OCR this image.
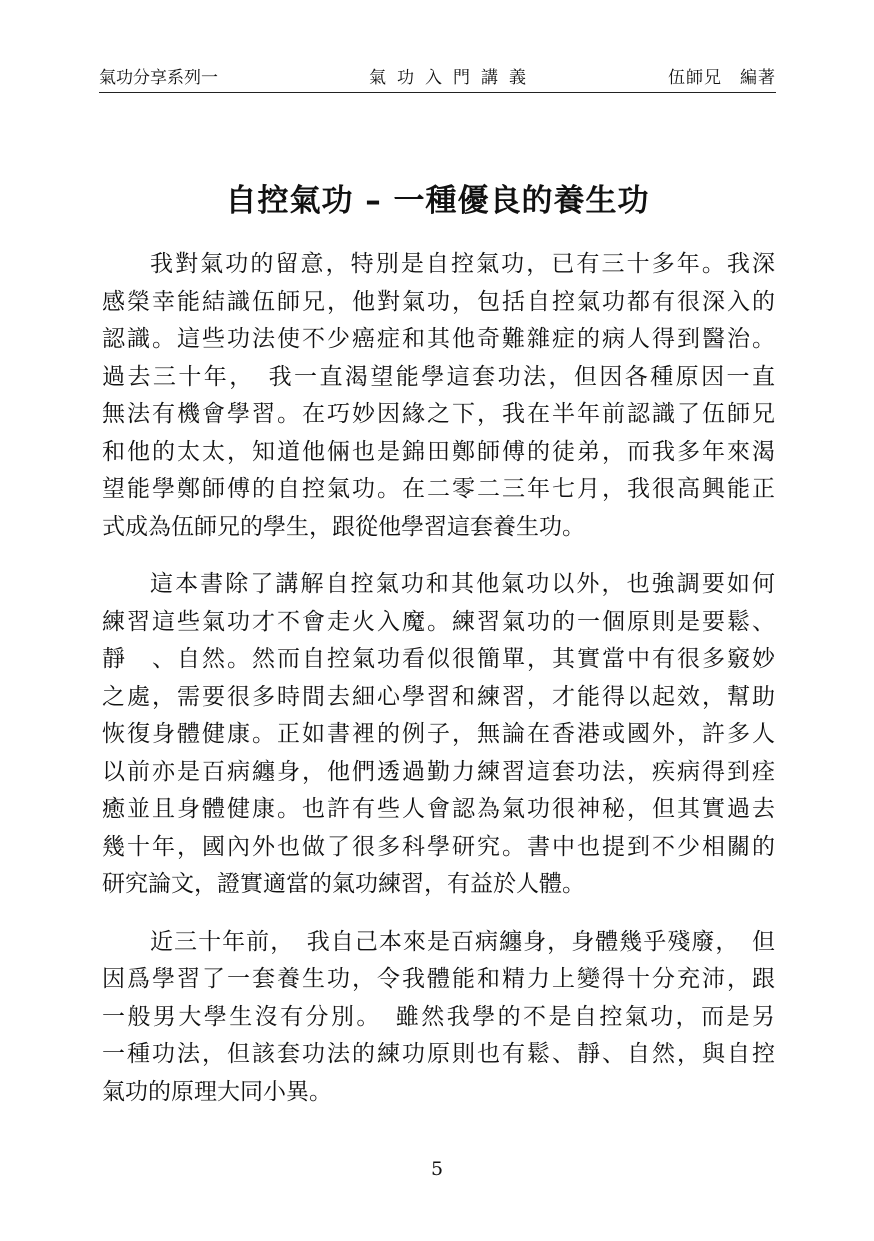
氣功分享系列一	氣功入門講義	伍師兄　編著
自控氣功 – 一種優良的養生功

我對氣功的留意，特別是自控氣功，已有三十多年。我深
感榮幸能結識伍師兄，他對氣功，包括自控氣功都有很深入的
認識。這些功法使不少癌症和其他奇難雜症的病人得到醫治。
過去三十年，　我一直渴望能學這套功法，但因各種原因一直
無法有機會學習。在巧妙因緣之下，我在半年前認識了伍師兄
和他的太太，知道他倆也是錦田鄭師傅的徒弟，而我多年來渴
望能學鄭師傅的自控氣功。在二零二三年七月，我很高興能正
式成為伍師兄的學生，跟從他學習這套養生功。

這本書除了講解自控氣功和其他氣功以外，也強調要如何
練習這些氣功才不會走火入魔。練習氣功的一個原則是要鬆、
靜　、自然。然而自控氣功看似很簡單，其實當中有很多竅妙
之處，需要很多時間去細心學習和練習，才能得以起效，幫助
恢復身體健康。正如書裡的例子，無論在香港或國外，許多人
以前亦是百病纏身，他們透過勤力練習這套功法，疾病得到痊
癒並且身體健康。也許有些人會認為氣功很神秘，但其實過去
幾十年，國內外也做了很多科學研究。書中也提到不少相關的
研究論文，證實適當的氣功練習，有益於人體。

近三十年前，　我自己本來是百病纏身，身體幾乎殘廢，　但
因爲學習了一套養生功，令我體能和精力上變得十分充沛，跟
一般男大學生沒有分別。　雖然我學的不是自控氣功，而是另
一種功法，但該套功法的練功原則也有鬆、靜、自然，與自控
氣功的原理大同小異。

5
